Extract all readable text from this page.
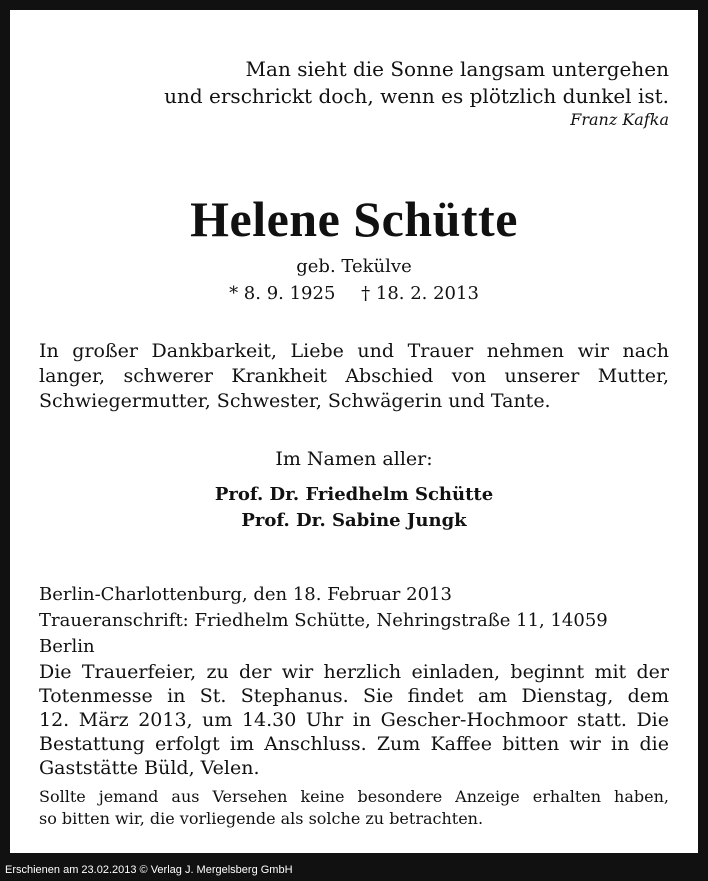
Man sieht die Sonne langsam untergehen
und erschrickt doch, wenn es plötzlich dunkel ist.
Franz Kafka
Helene Schütte
geb. Tekülve
* 8. 9. 1925 † 18. 2. 2013
In großer Dankbarkeit, Liebe und Trauer nehmen wir nach
langer, schwerer Krankheit Abschied von unserer Mutter,
Schwiegermutter, Schwester, Schwägerin und Tante.
Im Namen aller:
Prof. Dr. Friedhelm Schütte
Prof. Dr. Sabine Jungk
Berlin-Charlottenburg, den 18. Februar 2013
Traueranschrift: Friedhelm Schütte, Nehringstraße 11, 14059 Berlin
Die Trauerfeier, zu der wir herzlich einladen, beginnt mit der
Totenmesse in St. Stephanus. Sie findet am Dienstag, dem
12. März 2013, um 14.30 Uhr in Gescher-Hochmoor statt. Die
Bestattung erfolgt im Anschluss. Zum Kaffee bitten wir in die
Gaststätte Büld, Velen.
Sollte jemand aus Versehen keine besondere Anzeige erhalten haben,
so bitten wir, die vorliegende als solche zu betrachten.
Erschienen am 23.02.2013 © Verlag J. Mergelsberg GmbH
